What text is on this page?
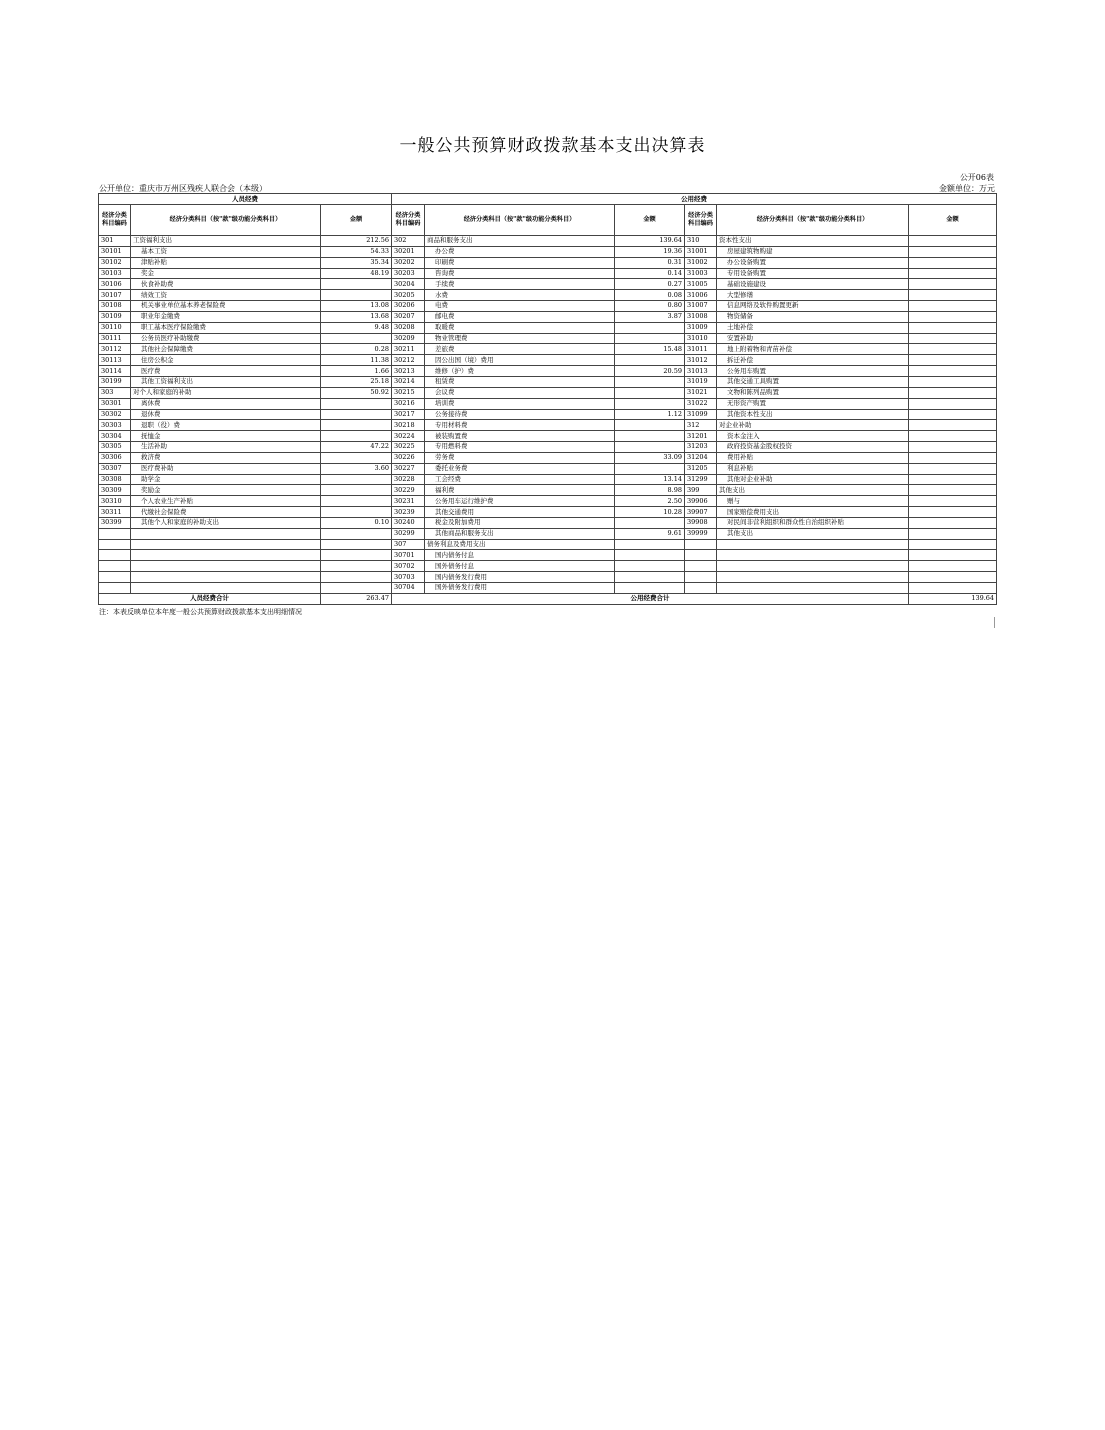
一般公共预算财政拨款基本支出决算表
公开06表
公开单位：重庆市万州区残疾人联合会（本级）	金额单位：万元
人员经费			公用经费					
经济分类科目编码	经济分类科目（按"款"级功能分类科目）	金额	经济分类科目编码	经济分类科目（按"款"级功能分类科目）	金额	经济分类科目编码	经济分类科目（按"款"级功能分类科目）	金额
301	工资福利支出	212.56	302	商品和服务支出	139.64	310	资本性支出	
30101	基本工资	54.33	30201	办公费	19.36	31001	房屋建筑物购建	
30102	津贴补贴	35.34	30202	印刷费	0.31	31002	办公设备购置	
30103	奖金	48.19	30203	咨询费	0.14	31003	专用设备购置	
30106	伙食补助费		30204	手续费	0.27	31005	基础设施建设	
30107	绩效工资		30205	水费	0.08	31006	大型修缮	
30108	机关事业单位基本养老保险费	13.08	30206	电费	0.80	31007	信息网络及软件购置更新	
30109	职业年金缴费	13.68	30207	邮电费	3.87	31008	物资储备	
30110	职工基本医疗保险缴费	9.48	30208	取暖费		31009	土地补偿	
30111	公务员医疗补助缴费		30209	物业管理费		31010	安置补助	
30112	其他社会保障缴费	0.28	30211	差旅费	15.48	31011	地上附着物和青苗补偿	
30113	住房公积金	11.38	30212	因公出国（境）费用		31012	拆迁补偿	
30114	医疗费	1.66	30213	维修（护）费	20.59	31013	公务用车购置	
30199	其他工资福利支出	25.18	30214	租赁费		31019	其他交通工具购置	
303	对个人和家庭的补助	50.92	30215	会议费		31021	文物和陈列品购置	
30301	离休费		30216	培训费		31022	无形资产购置	
30302	退休费		30217	公务接待费	1.12	31099	其他资本性支出	
30303	退职（役）费		30218	专用材料费		312	对企业补助	
30304	抚恤金		30224	被装购置费		31201	资本金注入	
30305	生活补助	47.22	30225	专用燃料费		31203	政府投资基金股权投资	
30306	救济费		30226	劳务费	33.09	31204	费用补贴	
30307	医疗费补助	3.60	30227	委托业务费		31205	利息补贴	
30308	助学金		30228	工会经费	13.14	31299	其他对企业补助	
30309	奖励金		30229	福利费	8.98	399	其他支出	
30310	个人农业生产补贴		30231	公务用车运行维护费	2.50	39906	赠与	
30311	代缴社会保险费		30239	其他交通费用	10.28	39907	国家赔偿费用支出	
30399	其他个人和家庭的补助支出	0.10	30240	税金及附加费用		39908	对民间非营利组织和群众性自治组织补贴	
			30299	其他商品和服务支出	9.61	39999	其他支出	
			307	债务利息及费用支出				
			30701	国内债务付息				
			30702	国外债务付息				
			30703	国内债务发行费用				
			30704	国外债务发行费用				
人员经费合计		263.47	公用经费合计					139.64
注：本表反映单位本年度一般公共预算财政拨款基本支出明细情况
